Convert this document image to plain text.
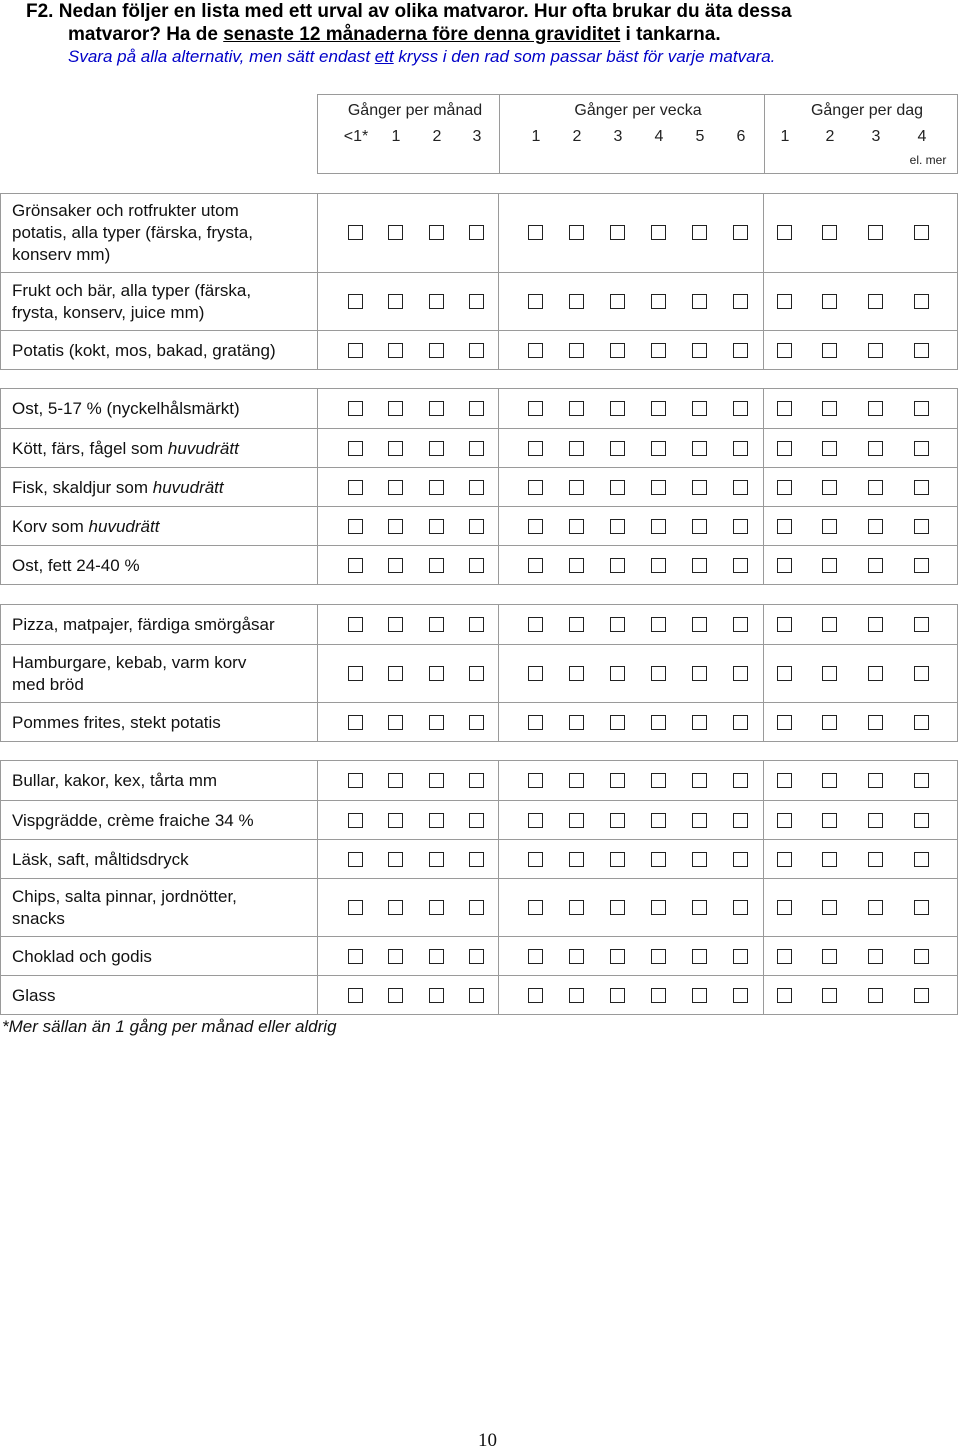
F2. Nedan följer en lista med ett urval av olika matvaror. Hur ofta brukar du äta dessa
matvaror? Ha de senaste 12 månaderna före denna graviditet i tankarna.
Svara på alla alternativ, men sätt endast ett kryss i den rad som passar bäst för varje matvara.
Gånger per månad
<1* 1 2 3
Gånger per vecka
1 2 3 4 5 6
Gånger per dag
1 2 3 4
el. mer
Grönsaker och rotfrukter utom
potatis, alla typer (färska, frysta,
konserv mm)
Frukt och bär, alla typer (färska,
frysta, konserv, juice mm)
Potatis (kokt, mos, bakad, gratäng)
Ost, 5-17 % (nyckelhålsmärkt)
Kött, färs, fågel som huvudrätt
Fisk, skaldjur som huvudrätt
Korv som huvudrätt
Ost, fett 24-40 %
Pizza, matpajer, färdiga smörgåsar
Hamburgare, kebab, varm korv
med bröd
Pommes frites, stekt potatis
Bullar, kakor, kex, tårta mm
Vispgrädde, crème fraiche 34 %
Läsk, saft, måltidsdryck
Chips, salta pinnar, jordnötter,
snacks
Choklad och godis
Glass
*Mer sällan än 1 gång per månad eller aldrig
10
